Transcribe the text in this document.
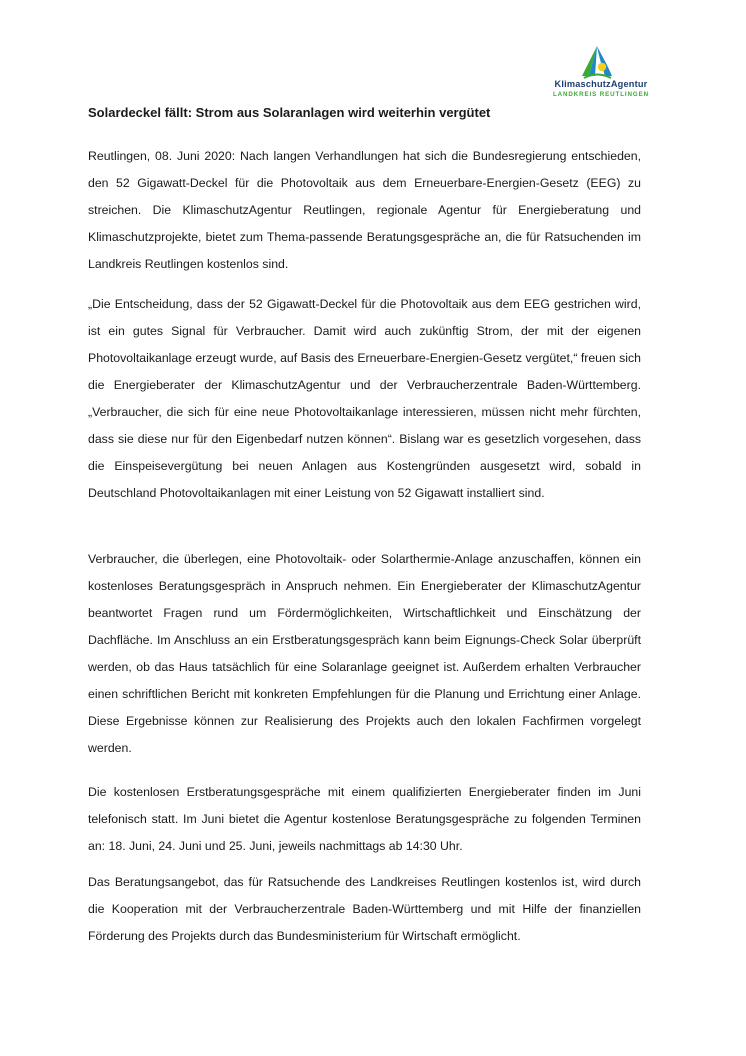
KlimaschutzAgentur
LANDKREIS REUTLINGEN
Solardeckel fällt: Strom aus Solaranlagen wird weiterhin vergütet

Reutlingen, 08. Juni 2020: Nach langen Verhandlungen hat sich die Bundesregierung entschieden, den 52 Gigawatt-Deckel für die Photovoltaik aus dem Erneuerbare-Energien-Gesetz (EEG) zu streichen. Die KlimaschutzAgentur Reutlingen, regionale Agentur für Energieberatung und Klimaschutzprojekte, bietet zum Thema-passende Beratungsgespräche an, die für Ratsuchenden im Landkreis Reutlingen kostenlos sind.

„Die Entscheidung, dass der 52 Gigawatt-Deckel für die Photovoltaik aus dem EEG gestrichen wird, ist ein gutes Signal für Verbraucher. Damit wird auch zukünftig Strom, der mit der eigenen Photovoltaikanlage erzeugt wurde, auf Basis des Erneuerbare-Energien-Gesetz vergütet,“ freuen sich die Energieberater der KlimaschutzAgentur und der Verbraucherzentrale Baden-Württemberg. „Verbraucher, die sich für eine neue Photovoltaikanlage interessieren, müssen nicht mehr fürchten, dass sie diese nur für den Eigenbedarf nutzen können“. Bislang war es gesetzlich vorgesehen, dass die Einspeisevergütung bei neuen Anlagen aus Kostengründen ausgesetzt wird, sobald in Deutschland Photovoltaikanlagen mit einer Leistung von 52 Gigawatt installiert sind.

Verbraucher, die überlegen, eine Photovoltaik- oder Solarthermie-Anlage anzuschaffen, können ein kostenloses Beratungsgespräch in Anspruch nehmen. Ein Energieberater der KlimaschutzAgentur beantwortet Fragen rund um Fördermöglichkeiten, Wirtschaftlichkeit und Einschätzung der Dachfläche. Im Anschluss an ein Erstberatungsgespräch kann beim Eignungs-Check Solar überprüft werden, ob das Haus tatsächlich für eine Solaranlage geeignet ist. Außerdem erhalten Verbraucher einen schriftlichen Bericht mit konkreten Empfehlungen für die Planung und Errichtung einer Anlage. Diese Ergebnisse können zur Realisierung des Projekts auch den lokalen Fachfirmen vorgelegt werden.

Die kostenlosen Erstberatungsgespräche mit einem qualifizierten Energieberater finden im Juni telefonisch statt. Im Juni bietet die Agentur kostenlose Beratungsgespräche zu folgenden Terminen an: 18. Juni, 24. Juni und 25. Juni, jeweils nachmittags ab 14:30 Uhr.

Das Beratungsangebot, das für Ratsuchende des Landkreises Reutlingen kostenlos ist, wird durch die Kooperation mit der Verbraucherzentrale Baden-Württemberg und mit Hilfe der finanziellen Förderung des Projekts durch das Bundesministerium für Wirtschaft ermöglicht.
